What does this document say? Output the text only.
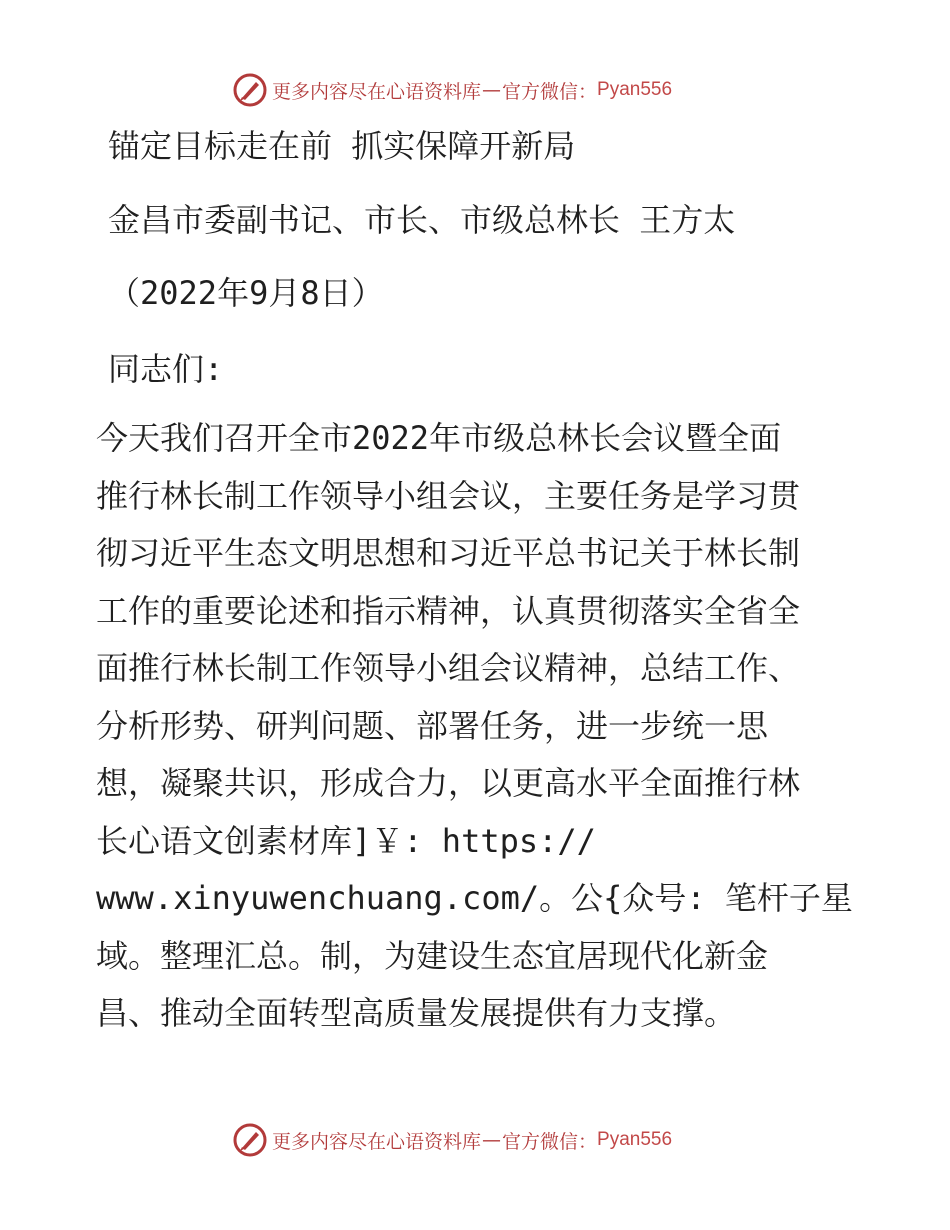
更多内容尽在心语资料库 — 官方微信： Pyan556
锚定目标走在前 抓实保障开新局
金昌市委副书记、市长、市级总林长 王方太
（2022年9月8日）
同志们:
今天我们召开全市2022年市级总林长会议暨全面
推行林长制工作领导小组会议，主要任务是学习贯
彻习近平生态文明思想和习近平总书记关于林长制
工作的重要论述和指示精神，认真贯彻落实全省全
面推行林长制工作领导小组会议精神，总结工作、
分析形势、研判问题、部署任务，进一步统一思
想，凝聚共识，形成合力，以更高水平全面推行林
长心语文创素材库]￥: https://
www.xinyuwenchuang.com/。公{众号: 笔杆子星
域。整理汇总。制，为建设生态宜居现代化新金
昌、推动全面转型高质量发展提供有力支撑。
更多内容尽在心语资料库 — 官方微信： Pyan556
